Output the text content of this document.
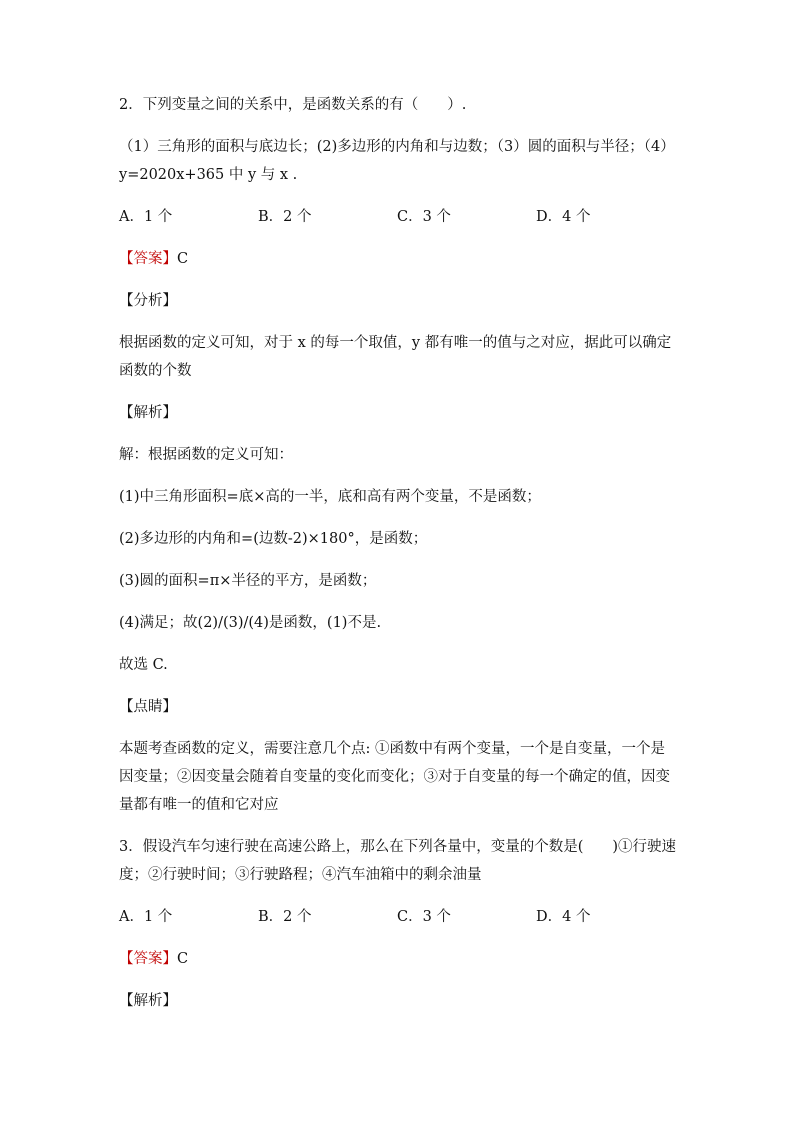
2．下列变量之间的关系中，是函数关系的有（　　）.
（1）三角形的面积与底边长；(2)多边形的内角和与边数；（3）圆的面积与半径；（4）
y=2020x+365 中 y 与 x .
A．1 个	B．2 个	C．3 个	D．4 个
【答案】C
【分析】
根据函数的定义可知，对于 x 的每一个取值，y 都有唯一的值与之对应，据此可以确定
函数的个数
【解析】
解：根据函数的定义可知：
(1)中三角形面积=底×高的一半，底和高有两个变量，不是函数；
(2)多边形的内角和=(边数-2)×180°，是函数；
(3)圆的面积=π×半径的平方，是函数；
(4)满足；故(2)/(3)/(4)是函数，(1)不是.
故选 C.
【点睛】
本题考查函数的定义，需要注意几个点: ①函数中有两个变量，一个是自变量，一个是
因变量；②因变量会随着自变量的变化而变化；③对于自变量的每一个确定的值，因变
量都有唯一的值和它对应
3．假设汽车匀速行驶在高速公路上，那么在下列各量中，变量的个数是(　　)①行驶速
度；②行驶时间；③行驶路程；④汽车油箱中的剩余油量
A．1 个	B．2 个	C．3 个	D．4 个
【答案】C
【解析】
